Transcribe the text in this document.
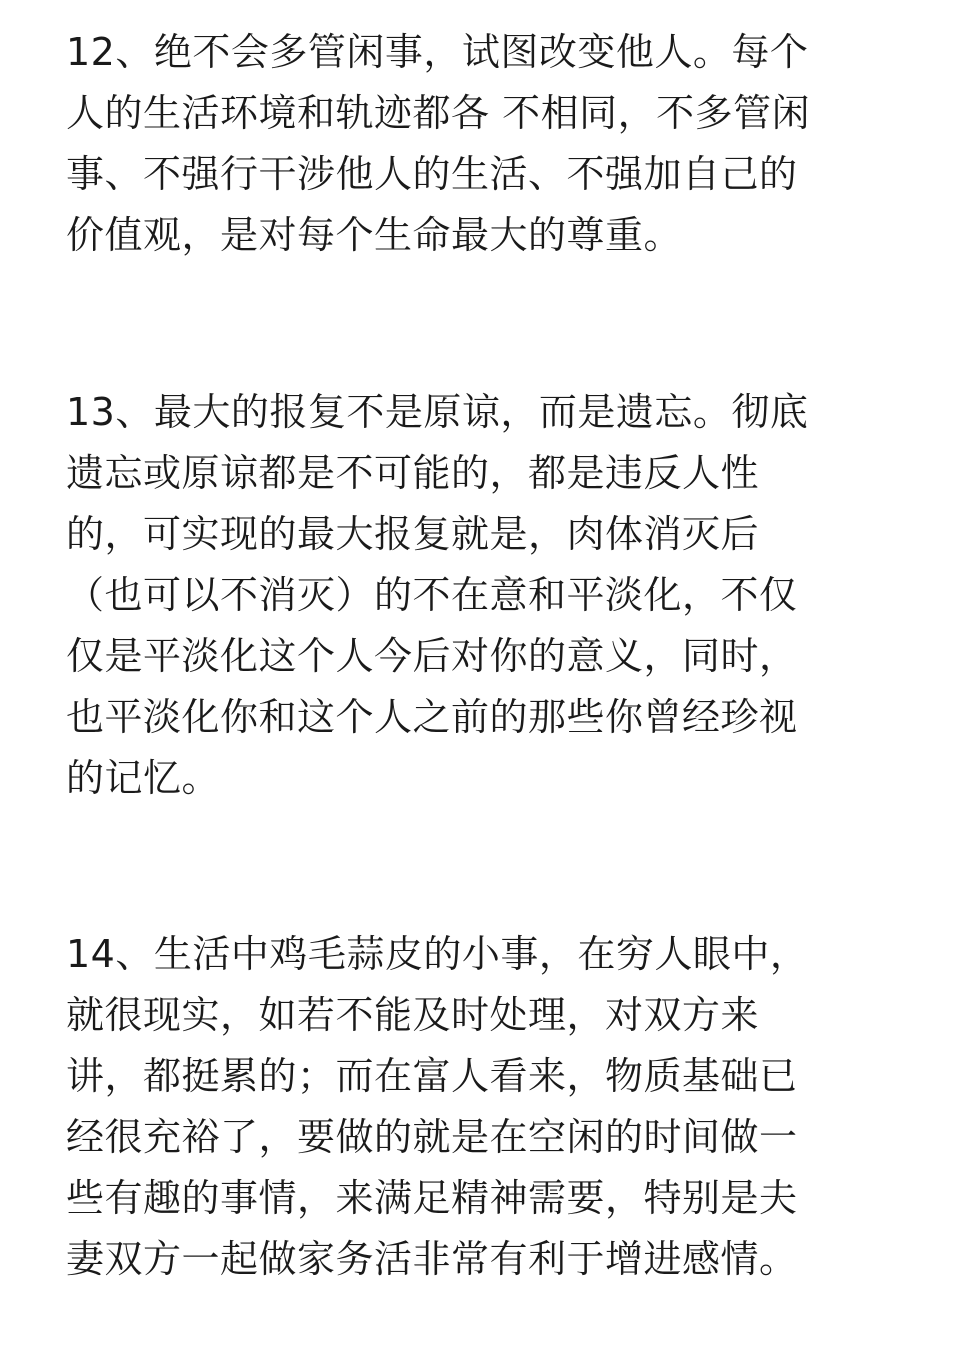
12、绝不会多管闲事，试图改变他人。每个
人的生活环境和轨迹都各 不相同，不多管闲
事、不强行干涉他人的生活、不强加自己的
价值观，是对每个生命最大的尊重。

13、最大的报复不是原谅，而是遗忘。彻底
遗忘或原谅都是不可能的，都是违反人性
的，可实现的最大报复就是，肉体消灭后
（也可以不消灭）的不在意和平淡化，不仅
仅是平淡化这个人今后对你的意义，同时，
也平淡化你和这个人之前的那些你曾经珍视
的记忆。

14、生活中鸡毛蒜皮的小事，在穷人眼中，
就很现实，如若不能及时处理，对双方来
讲，都挺累的；而在富人看来，物质基础已
经很充裕了，要做的就是在空闲的时间做一
些有趣的事情，来满足精神需要，特别是夫
妻双方一起做家务活非常有利于增进感情。
